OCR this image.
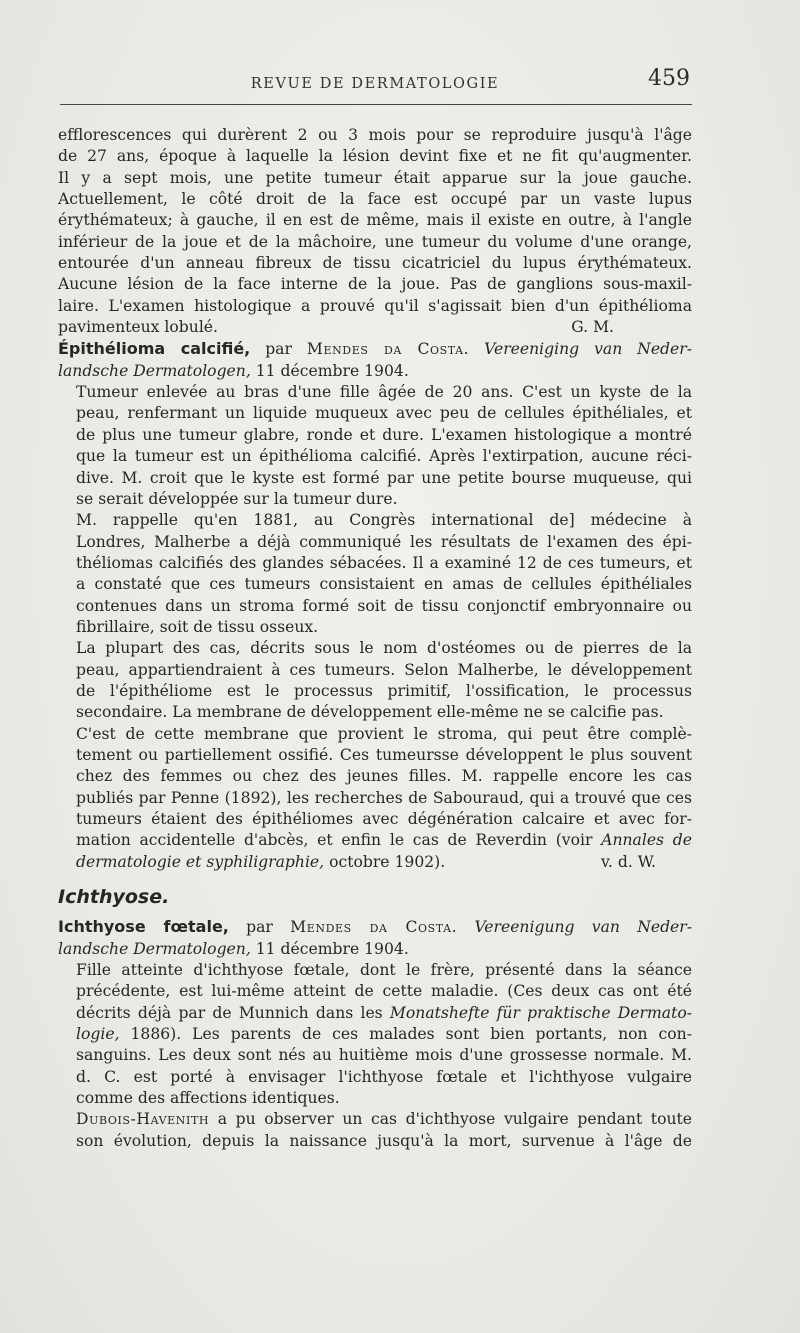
REVUE DE DERMATOLOGIE	459

efflorescences qui durèrent 2 ou 3 mois pour se reproduire jusqu'à l'âge
de 27 ans, époque à laquelle la lésion devint fixe et ne fit qu'augmenter.
Il y a sept mois, une petite tumeur était apparue sur la joue gauche.
Actuellement, le côté droit de la face est occupé par un vaste lupus
érythémateux; à gauche, il en est de même, mais il existe en outre, à l'angle
inférieur de la joue et de la mâchoire, une tumeur du volume d'une orange,
entourée d'un anneau fibreux de tissu cicatriciel du lupus érythémateux.
Aucune lésion de la face interne de la joue. Pas de ganglions sous-maxil-
laire. L'examen histologique a prouvé qu'il s'agissait bien d'un épithélioma
pavimenteux lobulé.	G. M.

Épithélioma calcifié, par Mendes da Costa. Vereeniging van Neder-
landsche Dermatologen, 11 décembre 1904.

Tumeur enlevée au bras d'une fille âgée de 20 ans. C'est un kyste de la
peau, renfermant un liquide muqueux avec peu de cellules épithéliales, et
de plus une tumeur glabre, ronde et dure. L'examen histologique a montré
que la tumeur est un épithélioma calcifié. Après l'extirpation, aucune réci-
dive. M. croit que le kyste est formé par une petite bourse muqueuse, qui
se serait développée sur la tumeur dure.

M. rappelle qu'en 1881, au Congrès international de] médecine à
Londres, Malherbe a déjà communiqué les résultats de l'examen des épi-
théliomas calcifiés des glandes sébacées. Il a examiné 12 de ces tumeurs, et
a constaté que ces tumeurs consistaient en amas de cellules épithéliales
contenues dans un stroma formé soit de tissu conjonctif embryonnaire ou
fibrillaire, soit de tissu osseux.

La plupart des cas, décrits sous le nom d'ostéomes ou de pierres de la
peau, appartiendraient à ces tumeurs. Selon Malherbe, le développement
de l'épithéliome est le processus primitif, l'ossification, le processus
secondaire. La membrane de développement elle-même ne se calcifie pas.

C'est de cette membrane que provient le stroma, qui peut être complè-
tement ou partiellement ossifié. Ces tumeursse développent le plus souvent
chez des femmes ou chez des jeunes filles. M. rappelle encore les cas
publiés par Penne (1892), les recherches de Sabouraud, qui a trouvé que ces
tumeurs étaient des épithéliomes avec dégénération calcaire et avec for-
mation accidentelle d'abcès, et enfin le cas de Reverdin (voir Annales de
dermatologie et syphiligraphie, octobre 1902).	v. d. W.

Ichthyose.

Ichthyose fœtale, par Mendes da Costa. Vereenigung van Neder-
landsche Dermatologen, 11 décembre 1904.

Fille atteinte d'ichthyose fœtale, dont le frère, présenté dans la séance
précédente, est lui-même atteint de cette maladie. (Ces deux cas ont été
décrits déjà par de Munnich dans les Monatshefte für praktische Dermato-
logie, 1886). Les parents de ces malades sont bien portants, non con-
sanguins. Les deux sont nés au huitième mois d'une grossesse normale. M.
d. C. est porté à envisager l'ichthyose fœtale et l'ichthyose vulgaire
comme des affections identiques.

Dubois-Havenith a pu observer un cas d'ichthyose vulgaire pendant toute
son évolution, depuis la naissance jusqu'à la mort, survenue à l'âge de
